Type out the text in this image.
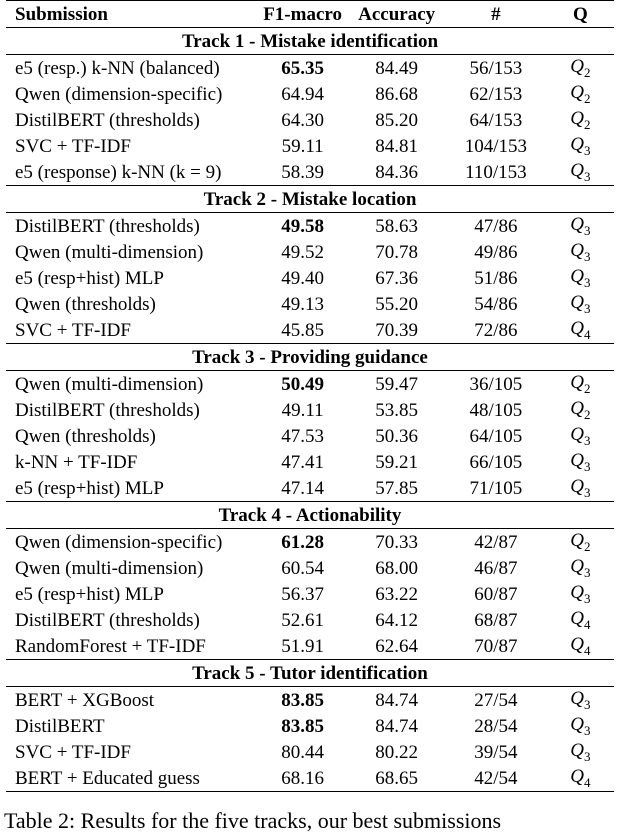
Submission	F1-macro	Accuracy	#	Q
Track 1 - Mistake identification				
e5 (resp.) k-NN (balanced)	65.35	84.49	56/153	$Q_2$
Qwen (dimension-specific)	64.94	86.68	62/153	$Q_2$
DistilBERT (thresholds)	64.30	85.20	64/153	$Q_2$
SVC + TF-IDF	59.11	84.81	104/153	$Q_3$
e5 (response) k-NN (k = 9)	58.39	84.36	110/153	$Q_3$
Track 2 - Mistake location				
DistilBERT (thresholds)	49.58	58.63	47/86	$Q_3$
Qwen (multi-dimension)	49.52	70.78	49/86	$Q_3$
e5 (resp+hist) MLP	49.40	67.36	51/86	$Q_3$
Qwen (thresholds)	49.13	55.20	54/86	$Q_3$
SVC + TF-IDF	45.85	70.39	72/86	$Q_4$
Track 3 - Providing guidance				
Qwen (multi-dimension)	50.49	59.47	36/105	$Q_2$
DistilBERT (thresholds)	49.11	53.85	48/105	$Q_2$
Qwen (thresholds)	47.53	50.36	64/105	$Q_3$
k-NN + TF-IDF	47.41	59.21	66/105	$Q_3$
e5 (resp+hist) MLP	47.14	57.85	71/105	$Q_3$
Track 4 - Actionability				
Qwen (dimension-specific)	61.28	70.33	42/87	$Q_2$
Qwen (multi-dimension)	60.54	68.00	46/87	$Q_3$
e5 (resp+hist) MLP	56.37	63.22	60/87	$Q_3$
DistilBERT (thresholds)	52.61	64.12	68/87	$Q_4$
RandomForest + TF-IDF	51.91	62.64	70/87	$Q_4$
Track 5 - Tutor identification				
BERT + XGBoost	83.85	84.74	27/54	$Q_3$
DistilBERT	83.85	84.74	28/54	$Q_3$
SVC + TF-IDF	80.44	80.22	39/54	$Q_3$
BERT + Educated guess	68.16	68.65	42/54	$Q_4$
Table 2: Results for the five tracks, our best submissions
